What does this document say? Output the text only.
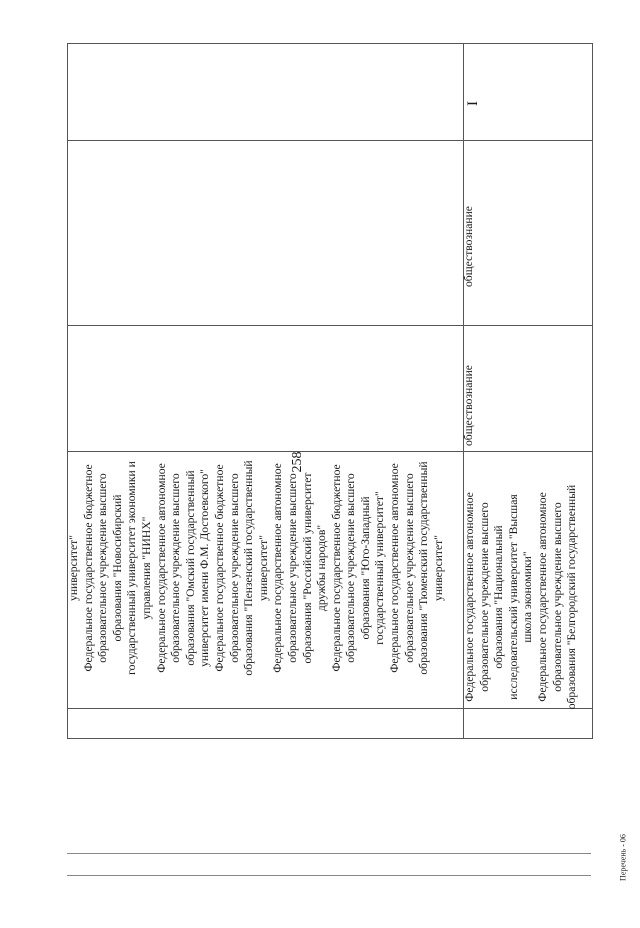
258
Перечень - 06

университет" Федеральное государственное бюджетное образовательное учреждение высшего образования "Новосибирский государственный университет экономики и управления "НИНХ" Федеральное государственное автономное образовательное учреждение высшего образования "Омский государственный университет имени Ф.М. Достоевского" Федеральное государственное бюджетное образовательное учреждение высшего образования "Пензенский государственный университет" Федеральное государственное автономное образовательное учреждение высшего образования "Российский университет дружбы народов" Федеральное государственное бюджетное образовательное учреждение высшего образования "Юго-Западный государственный университет" Федеральное государственное автономное образовательное учреждение высшего образования "Тюменский государственный университет" Федеральное государственное автономное образовательное учреждение высшего образования "Национальный исследовательский университет "Высшая школа экономики" Федеральное государственное автономное образовательное учреждение высшего образования "Белгородский государственный

обществознание
обществознание
I
